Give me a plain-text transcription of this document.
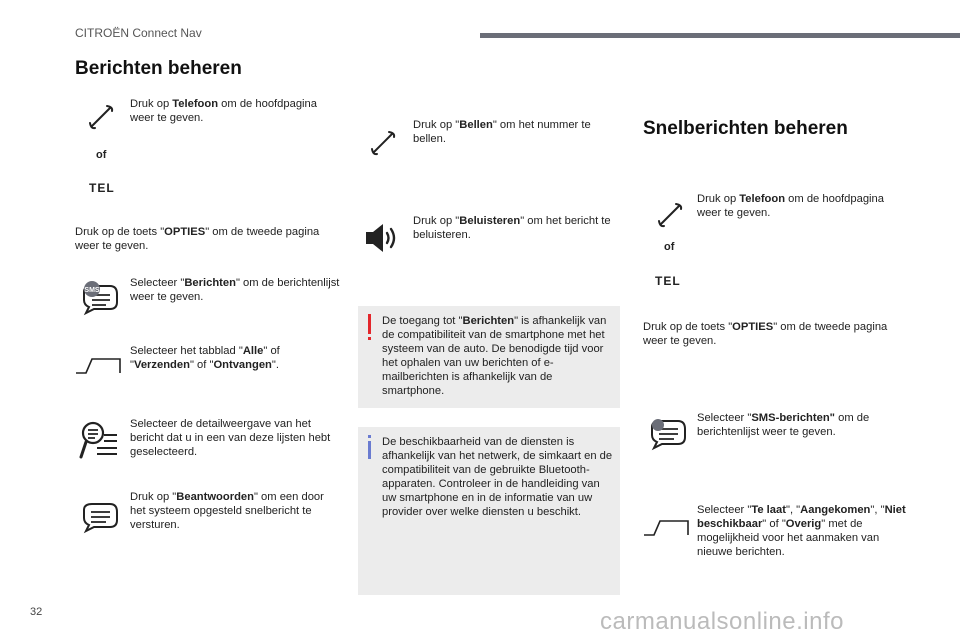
CITROËN Connect Nav
Berichten beheren
Druk op Telefoon om de hoofdpagina weer te geven.
of
TEL
Druk op de toets "OPTIES" om de tweede pagina weer te geven.
SMS
Selecteer "Berichten" om de berichtenlijst weer te geven.
Selecteer het tabblad "Alle" of "Verzenden" of "Ontvangen".
Selecteer de detailweergave van het bericht dat u in een van deze lijsten hebt geselecteerd.
Druk op "Beantwoorden" om een door het systeem opgesteld snelbericht te versturen.
Druk op "Bellen" om het nummer te bellen.
Druk op "Beluisteren" om het bericht te beluisteren.
De toegang tot "Berichten" is afhankelijk van de compatibiliteit van de smartphone met het systeem van de auto. De benodigde tijd voor het ophalen van uw berichten of e-mailberichten is afhankelijk van de smartphone.
De beschikbaarheid van de diensten is afhankelijk van het netwerk, de simkaart en de compatibiliteit van de gebruikte Bluetooth-apparaten. Controleer in de handleiding van uw smartphone en in de informatie van uw provider over welke diensten u beschikt.
Snelberichten beheren
Druk op Telefoon om de hoofdpagina weer te geven.
of
TEL
Druk op de toets "OPTIES" om de tweede pagina weer te geven.
Selecteer "SMS-berichten" om de berichtenlijst weer te geven.
Selecteer "Te laat", "Aangekomen", "Niet beschikbaar" of "Overig" met de mogelijkheid voor het aanmaken van nieuwe berichten.
32	carmanualsonline.info
